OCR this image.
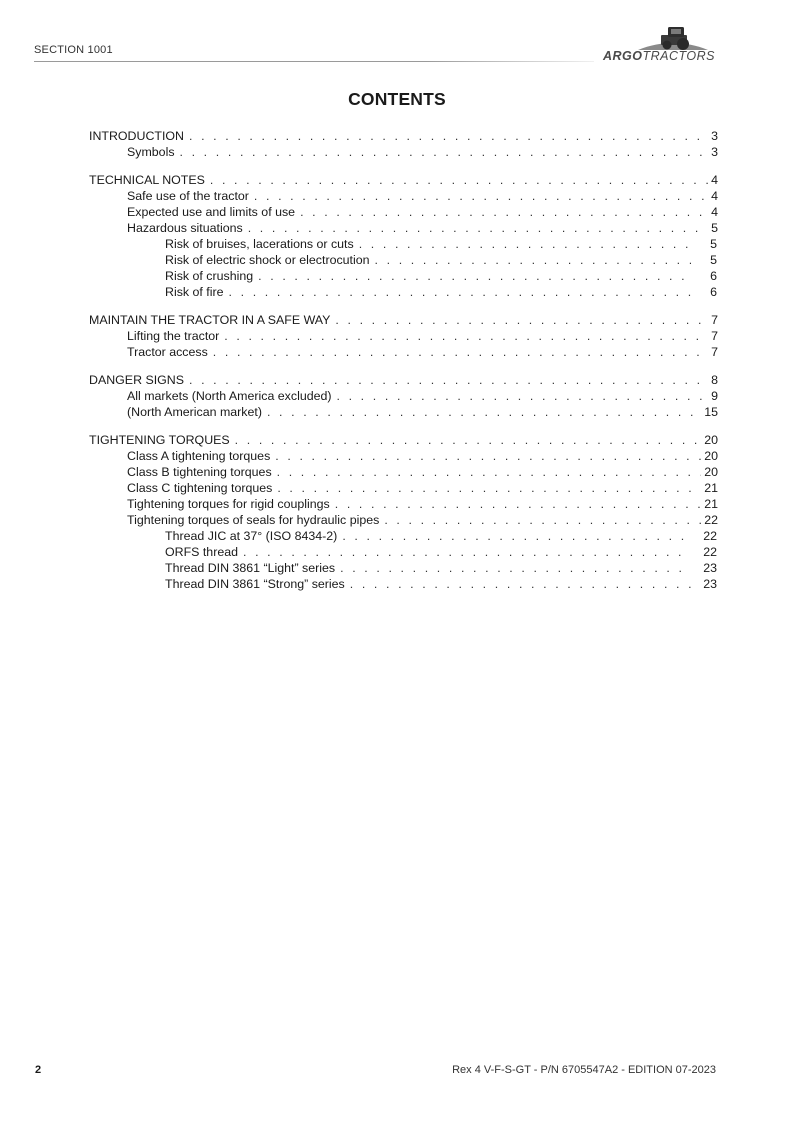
SECTION 1001	ARGOTRACTORS
CONTENTS
INTRODUCTION . . .	3
Symbols . . .	3
TECHNICAL NOTES . . .	4
Safe use of the tractor . . .	4
Expected use and limits of use . . .	4
Hazardous situations . . .	5
Risk of bruises, lacerations or cuts . . .	5
Risk of electric shock or electrocution . . .	5
Risk of crushing . . .	6
Risk of fire . . .	6
MAINTAIN THE TRACTOR IN A SAFE WAY . . .	7
Lifting the tractor . . .	7
Tractor access . . .	7
DANGER SIGNS . . .	8
All markets (North America excluded) . . .	9
(North American market) . . .	15
TIGHTENING TORQUES . . .	20
Class A tightening torques . . .	20
Class B tightening torques . . .	20
Class C tightening torques . . .	21
Tightening torques for rigid couplings . . .	21
Tightening torques of seals for hydraulic pipes . . .	22
Thread JIC at 37° (ISO 8434-2) . . .	22
ORFS thread . . .	22
Thread DIN 3861 “Light” series . . .	23
Thread DIN 3861 “Strong” series . . .	23
2	Rex 4 V-F-S-GT - P/N 6705547A2 - EDITION 07-2023
